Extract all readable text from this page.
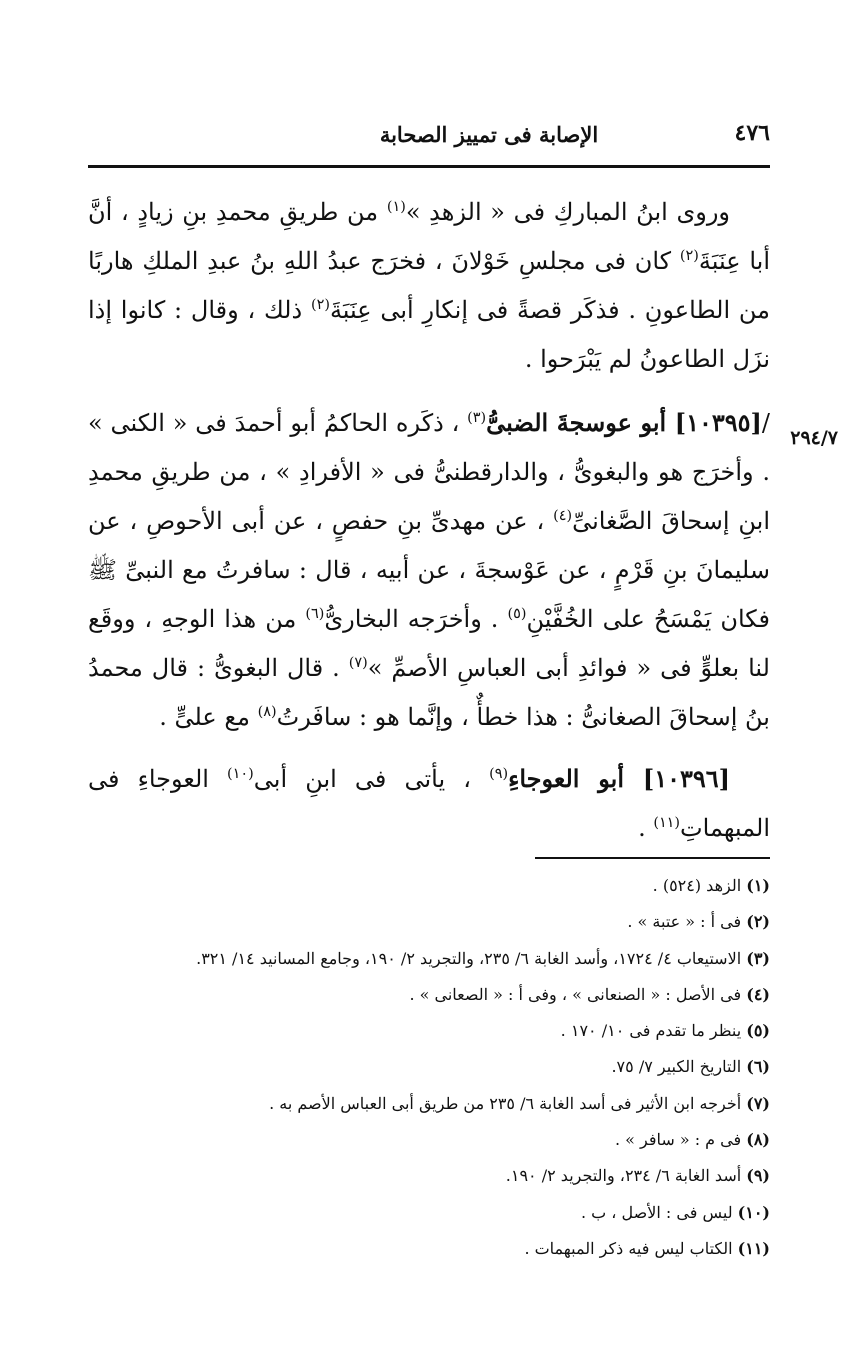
٤٧٦
الإصابة فى تمييز الصحابة
٢٩٤/٧

وروى ابنُ المباركِ فى « الزهدِ »$^{(١)}$ من طريقِ محمدِ بنِ زيادٍ ، أنَّ أبا عِنَبَةَ$^{(٢)}$ كان فى مجلسِ خَوْلانَ ، فخرَج عبدُ اللهِ بنُ عبدِ الملكِ هاربًا من الطاعونِ . فذكَر قصةً فى إنكارِ أبى عِنَبَةَ$^{(٢)}$ ذلك ، وقال : كانوا إذا نزَل الطاعونُ لم يَبْرَحوا .

/[١٠٣٩٥] أبو عوسجةَ الضبىُّ$^{(٣)}$ ، ذكَره الحاكمُ أبو أحمدَ فى « الكنى » . وأخرَج هو والبغوىُّ ، والدارقطنىُّ فى « الأفرادِ » ، من طريقِ محمدِ ابنِ إسحاقَ الصَّغانىِّ$^{(٤)}$ ، عن مهدىِّ بنِ حفصٍ ، عن أبى الأحوصِ ، عن سليمانَ بنِ قَرْمٍ ، عن عَوْسجةَ ، عن أبيه ، قال : سافرتُ مع النبىِّ ﷺ فكان يَمْسَحُ على الخُفَّيْنِ$^{(٥)}$ . وأخرَجه البخارىُّ$^{(٦)}$ من هذا الوجهِ ، ووقَع لنا بعلوٍّ فى « فوائدِ أبى العباسِ الأصمِّ »$^{(٧)}$ . قال البغوىُّ : قال محمدُ بنُ إسحاقَ الصغانىُّ : هذا خطأٌ ، وإنَّما هو : سافَرتُ$^{(٨)}$ مع علىٍّ .

[١٠٣٩٦] أبو العوجاءِ$^{(٩)}$ ، يأتى فى ابنِ أبى$^{(١٠)}$ العوجاءِ فى المبهماتِ$^{(١١)}$ .

(١) الزهد (٥٢٤) .

(٢) فى أ : « عتبة » .

(٣) الاستيعاب ٤/ ١٧٢٤، وأسد الغابة ٦/ ٢٣٥، والتجريد ٢/ ١٩٠، وجامع المسانيد ١٤/ ٣٢١.

(٤) فى الأصل : « الصنعانى » ، وفى أ : « الصعانى » .

(٥) ينظر ما تقدم فى ١٠/ ١٧٠ .

(٦) التاريخ الكبير ٧/ ٧٥.

(٧) أخرجه ابن الأثير فى أسد الغابة ٦/ ٢٣٥ من طريق أبى العباس الأصم به .

(٨) فى م : « سافر » .

(٩) أسد الغابة ٦/ ٢٣٤، والتجريد ٢/ ١٩٠.

(١٠) ليس فى : الأصل ، ب .

(١١) الكتاب ليس فيه ذكر المبهمات .
